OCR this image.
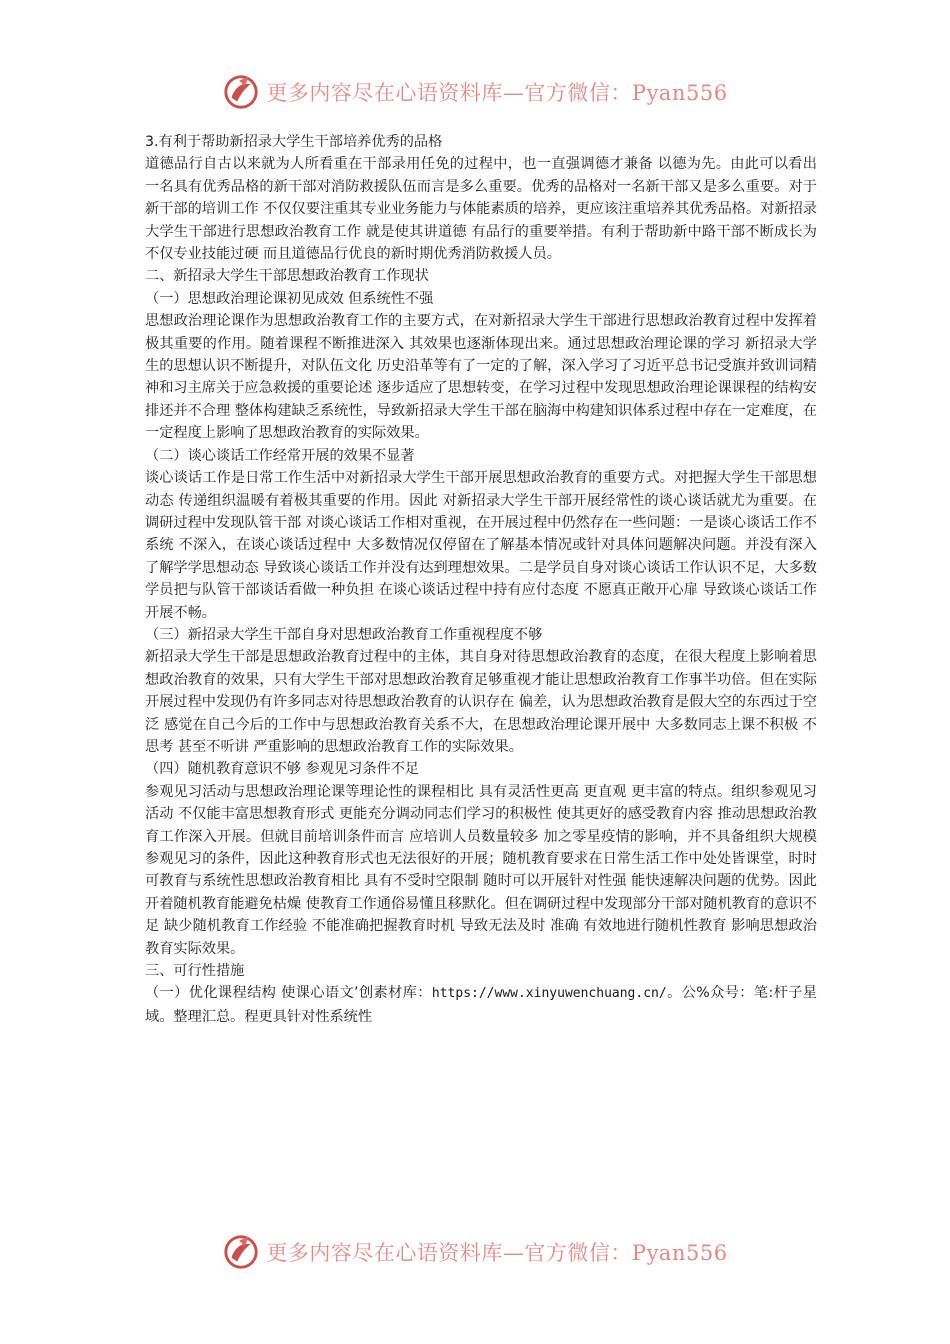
更多内容尽在心语资料库—官方微信：Pyan556

3.有利于帮助新招录大学生干部培养优秀的品格

道德品行自古以来就为人所看重在干部录用任免的过程中，也一直强调德才兼备 以德为先。由此可以看出 一名具有优秀品格的新干部对消防救援队伍而言是多么重要。优秀的品格对一名新干部又是多么重要。对于新干部的培训工作 不仅仅要注重其专业业务能力与体能素质的培养，更应该注重培养其优秀品格。对新招录大学生干部进行思想政治教育工作 就是使其讲道德 有品行的重要举措。有利于帮助新中路干部不断成长为不仅专业技能过硬 而且道德品行优良的新时期优秀消防救援人员。

二、新招录大学生干部思想政治教育工作现状

（一）思想政治理论课初见成效 但系统性不强

思想政治理论课作为思想政治教育工作的主要方式，在对新招录大学生干部进行思想政治教育过程中发挥着极其重要的作用。随着课程不断推进深入 其效果也逐渐体现出来。通过思想政治理论课的学习 新招录大学生的思想认识不断提升，对队伍文化 历史沿革等有了一定的了解，深入学习了习近平总书记受旗并致训词精神和习主席关于应急救援的重要论述 逐步适应了思想转变，在学习过程中发现思想政治理论课课程的结构安排还并不合理 整体构建缺乏系统性，导致新招录大学生干部在脑海中构建知识体系过程中存在一定难度，在一定程度上影响了思想政治教育的实际效果。

（二）谈心谈话工作经常开展的效果不显著

谈心谈话工作是日常工作生活中对新招录大学生干部开展思想政治教育的重要方式。对把握大学生干部思想动态 传递组织温暖有着极其重要的作用。因此 对新招录大学生干部开展经常性的谈心谈话就尤为重要。在调研过程中发现队管干部 对谈心谈话工作相对重视，在开展过程中仍然存在一些问题：一是谈心谈话工作不系统 不深入，在谈心谈话过程中 大多数情况仅停留在了解基本情况或针对具体问题解决问题。并没有深入了解学学思想动态 导致谈心谈话工作并没有达到理想效果。二是学员自身对谈心谈话工作认识不足，大多数学员把与队管干部谈话看做一种负担 在谈心谈话过程中持有应付态度 不愿真正敞开心扉 导致谈心谈话工作开展不畅。

（三）新招录大学生干部自身对思想政治教育工作重视程度不够

新招录大学生干部是思想政治教育过程中的主体，其自身对待思想政治教育的态度，在很大程度上影响着思想政治教育的效果，只有大学生干部对思想政治教育足够重视才能让思想政治教育工作事半功倍。但在实际开展过程中发现仍有许多同志对待思想政治教育的认识存在 偏差，认为思想政治教育是假大空的东西过于空泛 感觉在自己今后的工作中与思想政治教育关系不大，在思想政治理论课开展中 大多数同志上课不积极 不思考 甚至不听讲 严重影响的思想政治教育工作的实际效果。

（四）随机教育意识不够 参观见习条件不足

参观见习活动与思想政治理论课等理论性的课程相比 具有灵活性更高 更直观 更丰富的特点。组织参观见习活动 不仅能丰富思想教育形式 更能充分调动同志们学习的积极性 使其更好的感受教育内容 推动思想政治教育工作深入开展。但就目前培训条件而言 应培训人员数量较多 加之零星疫情的影响，并不具备组织大规模参观见习的条件，因此这种教育形式也无法很好的开展；随机教育要求在日常生活工作中处处皆课堂，时时可教育与系统性思想政治教育相比 具有不受时空限制 随时可以开展针对性强 能快速解决问题的优势。因此 开着随机教育能避免枯燥 使教育工作通俗易懂且移默化。但在调研过程中发现部分干部对随机教育的意识不足 缺少随机教育工作经验 不能准确把握教育时机 导致无法及时 准确 有效地进行随机性教育 影响思想政治教育实际效果。

三、可行性措施

（一）优化课程结构 使课心语文’创素材库：https://www.xinyuwenchuang.cn/。公%众号：笔:杆子星域。整理汇总。程更具针对性系统性

更多内容尽在心语资料库—官方微信：Pyan556
